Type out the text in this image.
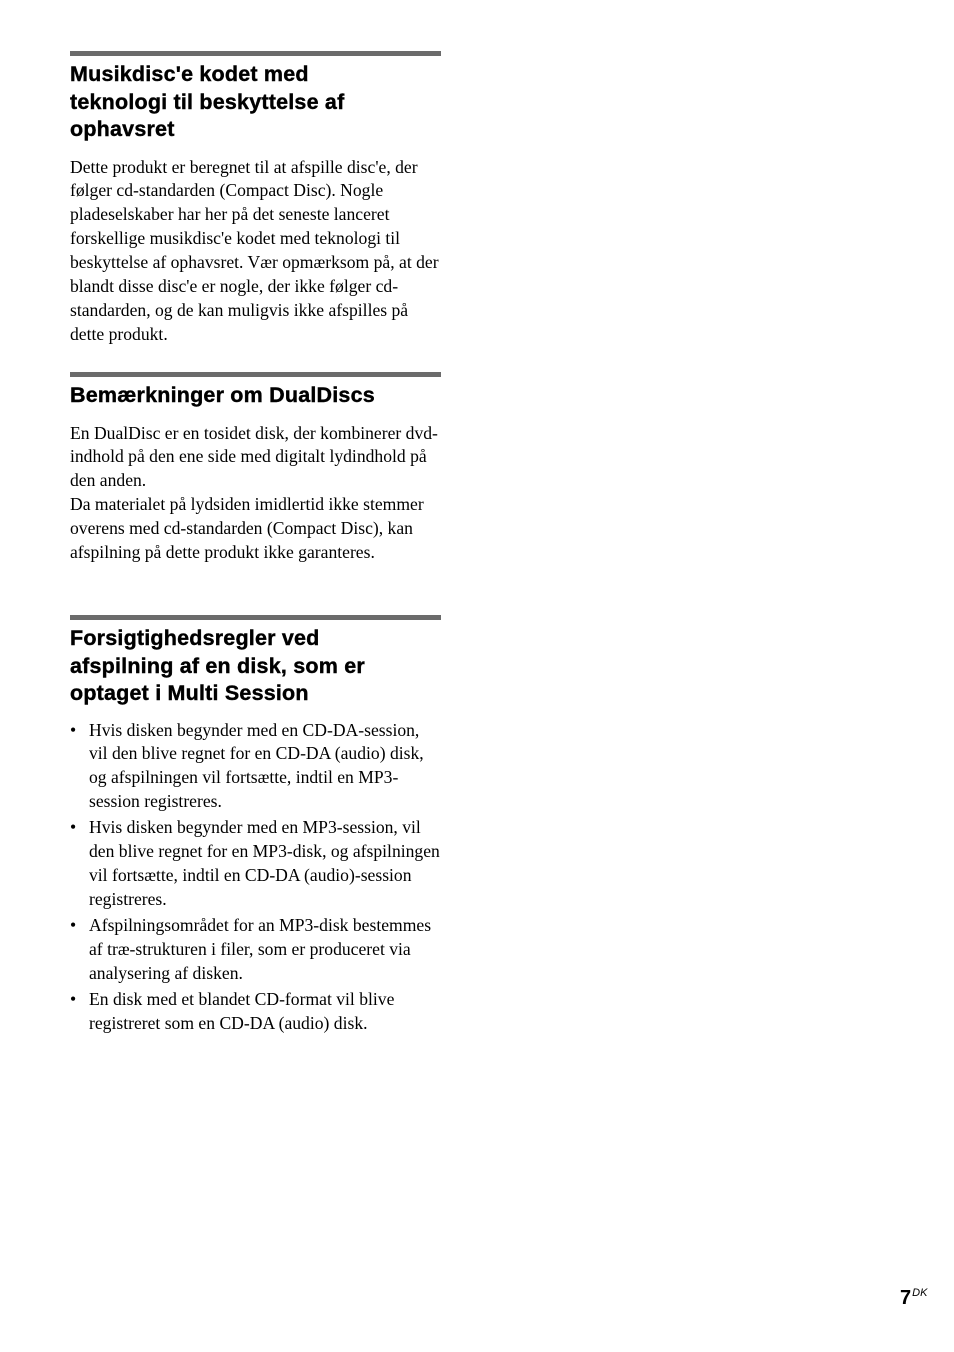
Musikdisc'e kodet med
teknologi til beskyttelse af
ophavsret

Dette produkt er beregnet til at afspille disc'e, der følger cd-standarden (Compact Disc). Nogle pladeselskaber har her på det seneste lanceret forskellige musikdisc'e kodet med teknologi til beskyttelse af ophavsret. Vær opmærksom på, at der blandt disse disc'e er nogle, der ikke følger cd-standarden, og de kan muligvis ikke afspilles på dette produkt.

Bemærkninger om DualDiscs

En DualDisc er en tosidet disk, der kombinerer dvd-indhold på den ene side med digitalt lydindhold på den anden.

Da materialet på lydsiden imidlertid ikke stemmer overens med cd-standarden (Compact Disc), kan afspilning på dette produkt ikke garanteres.

Forsigtighedsregler ved
afspilning af en disk, som er
optaget i Multi Session
• Hvis disken begynder med en CD-DA-session, vil den blive regnet for en CD-DA (audio) disk, og afspilningen vil fortsætte, indtil en MP3-session registreres.
• Hvis disken begynder med en MP3-session, vil den blive regnet for en MP3-disk, og afspilningen vil fortsætte, indtil en CD-DA (audio)-session registreres.
• Afspilningsområdet for an MP3-disk bestemmes af træ-strukturen i filer, som er produceret via analysering af disken.
• En disk med et blandet CD-format vil blive registreret som en CD-DA (audio) disk.
$7^{DK}$
